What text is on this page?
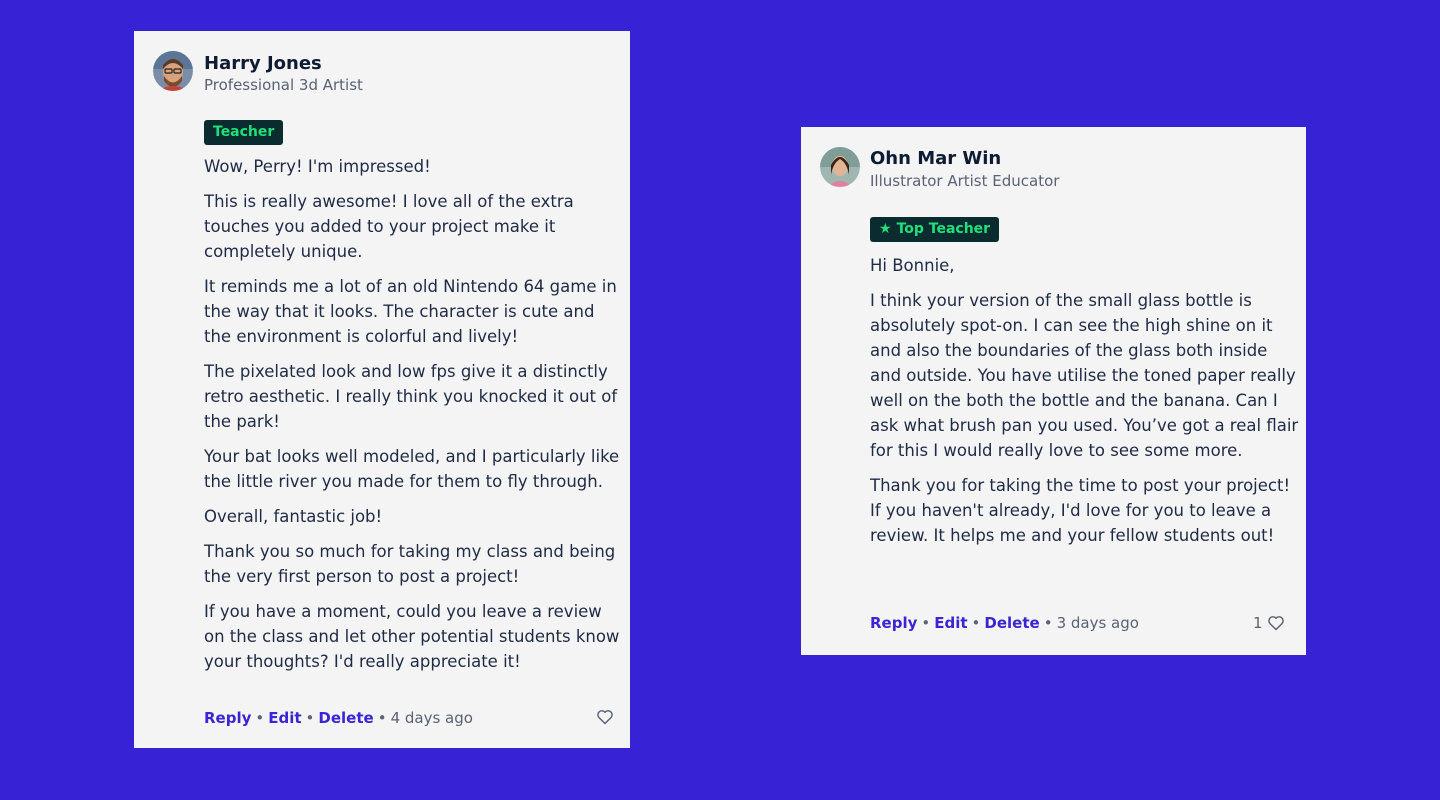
Harry Jones
Professional 3d Artist
Teacher

Wow, Perry! I'm impressed!

This is really awesome! I love all of the extra touches you added to your project make it completely unique.

It reminds me a lot of an old Nintendo 64 game in the way that it looks. The character is cute and the environment is colorful and lively!

The pixelated look and low fps give it a distinctly retro aesthetic. I really think you knocked it out of the park!

Your bat looks well modeled, and I particularly like the little river you made for them to fly through.

Overall, fantastic job!

Thank you so much for taking my class and being the very first person to post a project!

If you have a moment, could you leave a review on the class and let other potential students know your thoughts? I'd really appreciate it!

Reply • Edit • Delete • 4 days ago
Ohn Mar Win
Illustrator Artist Educator
★ Top Teacher

Hi Bonnie,

I think your version of the small glass bottle is absolutely spot-on. I can see the high shine on it and also the boundaries of the glass both inside and outside. You have utilise the toned paper really well on the both the bottle and the banana. Can I ask what brush pan you used. You’ve got a real flair for this I would really love to see some more.

Thank you for taking the time to post your project! If you haven't already, I'd love for you to leave a review. It helps me and your fellow students out!

Reply • Edit • Delete • 3 days ago	1
